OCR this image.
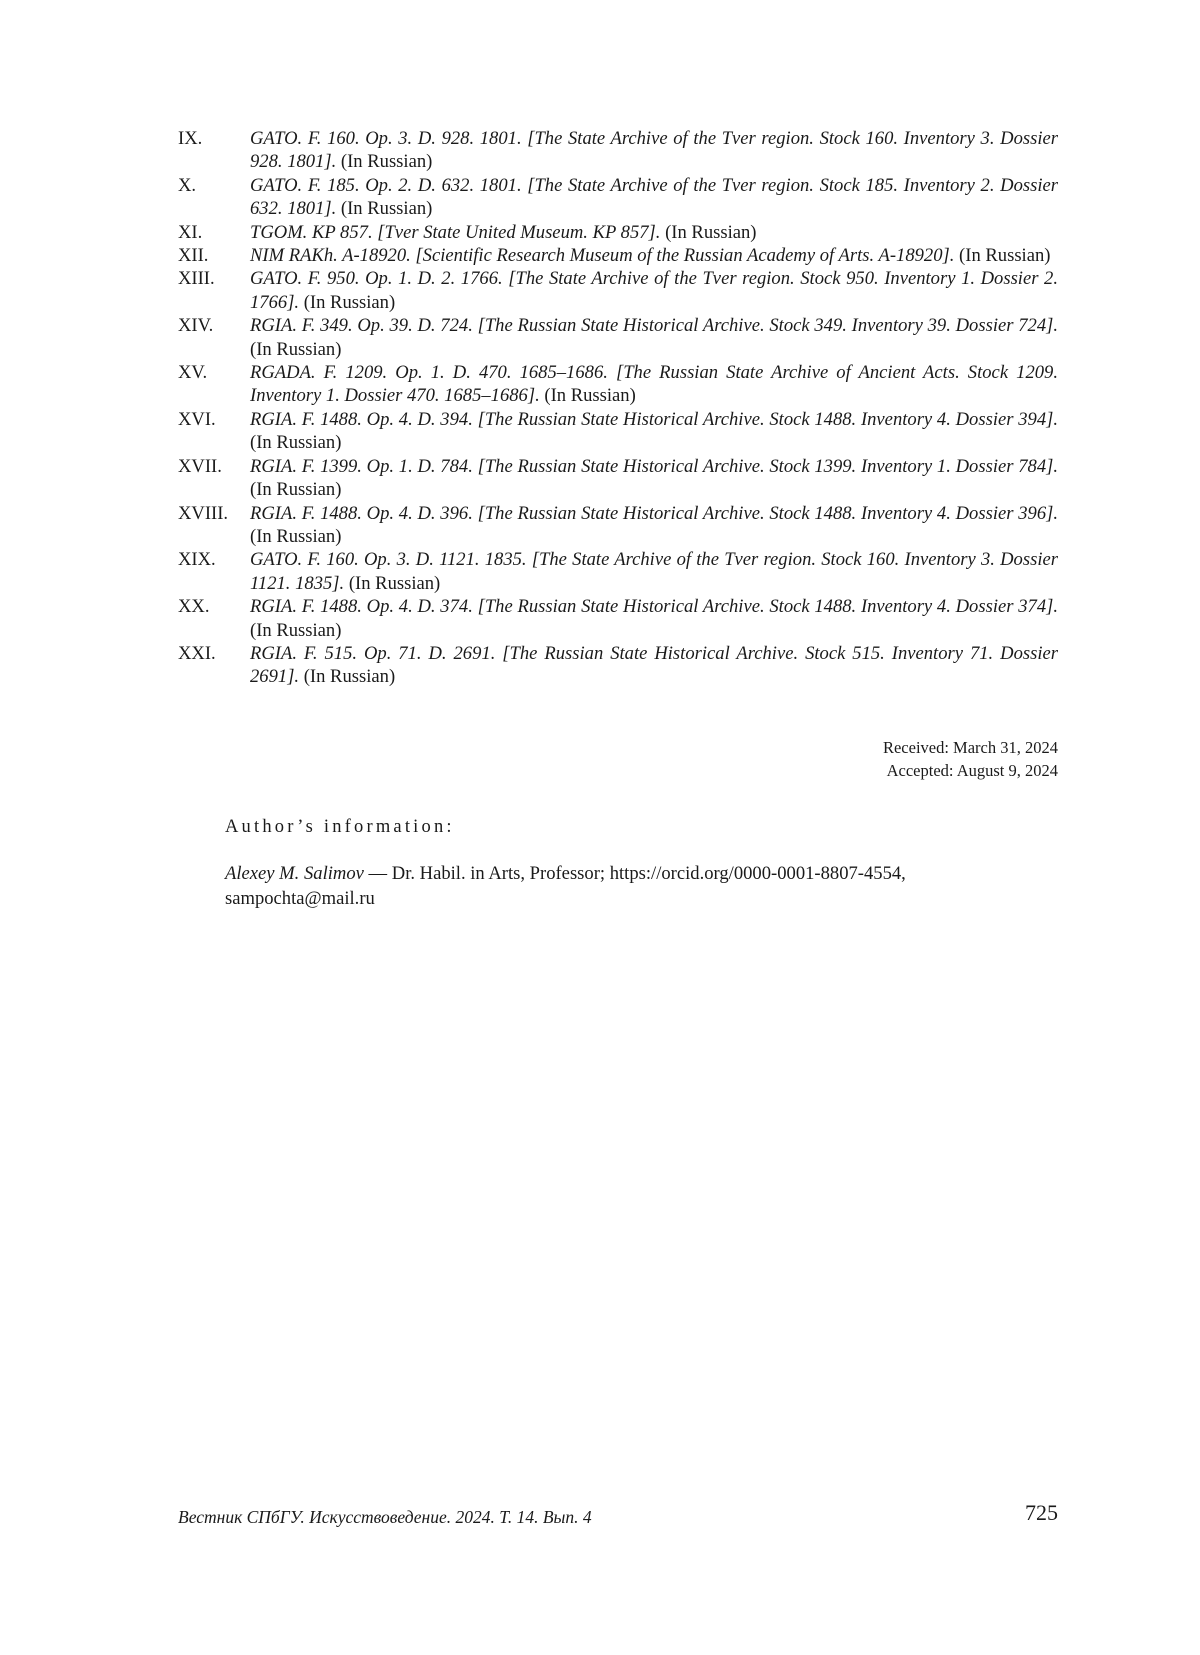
IX.	GATO. F. 160. Op. 3. D. 928. 1801. [The State Archive of the Tver region. Stock 160. Inventory 3. Dossier 928. 1801]. (In Russian)
X.	GATO. F. 185. Op. 2. D. 632. 1801. [The State Archive of the Tver region. Stock 185. Inventory 2. Dossier 632. 1801]. (In Russian)
XI.	TGOM. KP 857. [Tver State United Museum. KP 857]. (In Russian)
XII.	NIM RAKh. A-18920. [Scientific Research Museum of the Russian Academy of Arts. A-18920]. (In Russian)
XIII.	GATO. F. 950. Op. 1. D. 2. 1766. [The State Archive of the Tver region. Stock 950. Inventory 1. Dossier 2. 1766]. (In Russian)
XIV.	RGIA. F. 349. Op. 39. D. 724. [The Russian State Historical Archive. Stock 349. Inventory 39. Dossier 724]. (In Russian)
XV.	RGADA. F. 1209. Op. 1. D. 470. 1685–1686. [The Russian State Archive of Ancient Acts. Stock 1209. Inventory 1. Dossier 470. 1685–1686]. (In Russian)
XVI.	RGIA. F. 1488. Op. 4. D. 394. [The Russian State Historical Archive. Stock 1488. Inventory 4. Dossier 394]. (In Russian)
XVII.	RGIA. F. 1399. Op. 1. D. 784. [The Russian State Historical Archive. Stock 1399. Inventory 1. Dossier 784]. (In Russian)
XVIII.	RGIA. F. 1488. Op. 4. D. 396. [The Russian State Historical Archive. Stock 1488. Inventory 4. Dossier 396]. (In Russian)
XIX.	GATO. F. 160. Op. 3. D. 1121. 1835. [The State Archive of the Tver region. Stock 160. Inventory 3. Dossier 1121. 1835]. (In Russian)
XX.	RGIA. F. 1488. Op. 4. D. 374. [The Russian State Historical Archive. Stock 1488. Inventory 4. Dossier 374]. (In Russian)
XXI.	RGIA. F. 515. Op. 71. D. 2691. [The Russian State Historical Archive. Stock 515. Inventory 71. Dossier 2691]. (In Russian)
Received: March 31, 2024
Accepted: August 9, 2024
Author’s information:

Alexey M. Salimov — Dr. Habil. in Arts, Professor; https://orcid.org/0000-0001-8807-4554, sampochta@mail.ru

Вестник СПбГУ. Искусствоведение. 2024. Т. 14. Вып. 4	725
